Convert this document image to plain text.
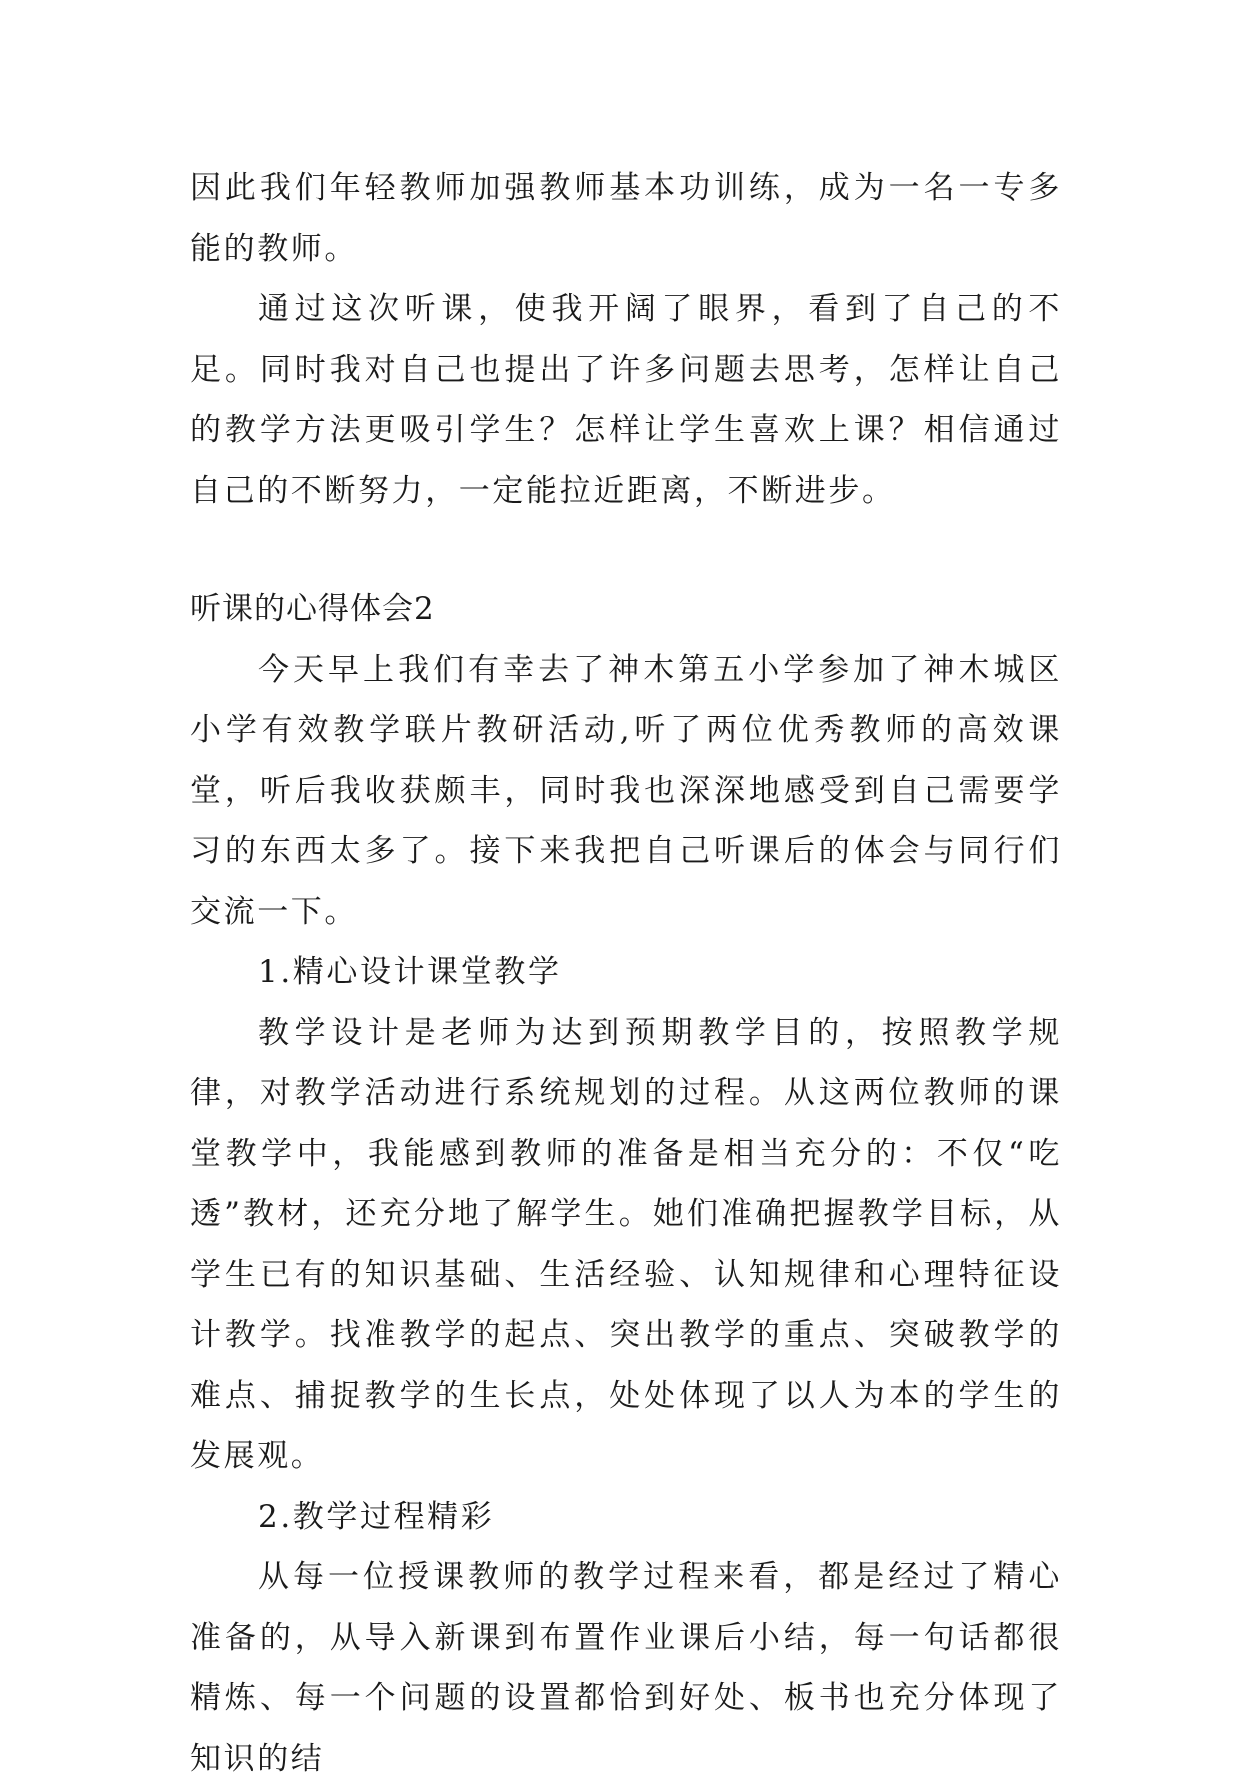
因此我们年轻教师加强教师基本功训练，成为一名一专多能的教师。

通过这次听课，使我开阔了眼界，看到了自己的不足。同时我对自己也提出了许多问题去思考，怎样让自己的教学方法更吸引学生？怎样让学生喜欢上课？相信通过自己的不断努力，一定能拉近距离，不断进步。

听课的心得体会2

今天早上我们有幸去了神木第五小学参加了神木城区小学有效教学联片教研活动,听了两位优秀教师的高效课堂，听后我收获颇丰，同时我也深深地感受到自己需要学习的东西太多了。接下来我把自己听课后的体会与同行们交流一下。

1.精心设计课堂教学

教学设计是老师为达到预期教学目的，按照教学规律，对教学活动进行系统规划的过程。从这两位教师的课堂教学中，我能感到教师的准备是相当充分的：不仅“吃透”教材，还充分地了解学生。她们准确把握教学目标，从学生已有的知识基础、生活经验、认知规律和心理特征设计教学。找准教学的起点、突出教学的重点、突破教学的难点、捕捉教学的生长点，处处体现了以人为本的学生的发展观。

2.教学过程精彩

从每一位授课教师的教学过程来看，都是经过了精心准备的，从导入新课到布置作业课后小结，每一句话都很精炼、每一个问题的设置都恰到好处、板书也充分体现了知识的结
